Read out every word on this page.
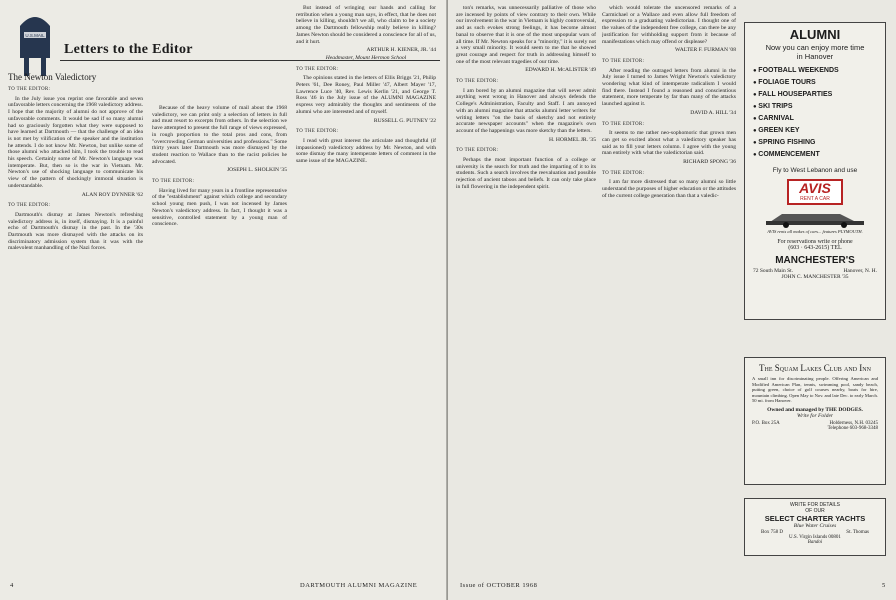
U.S.MAIL
Letters to the Editor
The Newton Valedictory
TO THE EDITOR:

In the July issue you reprint one favorable and seven unfavorable letters concerning the 1968 valedictory address. I hope that the majority of alumni do not approve of the unfavorable comments. It would be sad if so many alumni had so graciously forgotten what they were supposed to have learned at Dartmouth — that the challenge of an idea is not met by vilification of the speaker and the institution he attends. I do not know Mr. Newton, but unlike some of those alumni who attacked him, I took the trouble to read his speech. Certainly some of Mr. Newton's language was intemperate. But, then so is the war in Vietnam. Mr. Newton's use of shocking language to communicate his view of the pattern of shockingly immoral situation is understandable.

ALAN ROY DYNNER '62
TO THE EDITOR:

Dartmouth's dismay at James Newton's refreshing valedictory address is, in itself, dismaying. It is a painful echo of Dartmouth's dismay in the past. In the '30s Dartmouth was more dismayed with the attacks on its discriminatory admission system than it was with the malevolent manhandling of the Nazi forces.

Because of the heavy volume of mail about the 1968 valedictory, we can print only a selection of letters in full and must resort to excerpts from others. In the selection we have attempted to present the full range of views expressed, in rough proportion to the total pros and cons, from "overcrowding German universities and professions." Some thirty years later Dartmouth was more dismayed by the student reaction to Wallace than to the racist policies he advocated.

JOSEPH L. SHOLKIN '35
TO THE EDITOR:

Having lived for many years in a frontline representative of the "establishment" against which college and secondary school young men push, I was not incensed by James Newton's valedictory address. In fact, I thought it was a sensitive, controlled statement by a young man of conscience.

But instead of wringing our hands and calling for retribution when a young man says, in effect, that he does not believe in killing, shouldn't we all, who claim to be a society among the Dartmouth fellowship really believe in killing? James Newton should be considered a conscience for all of us, and it hurt.

ARTHUR H. KIENER, JR. '44
Headmaster, Mount Hermon School
TO THE EDITOR:

The opinions stated in the letters of Ellis Briggs '21, Philip Peters '61, Dee Roney, Paul Miller '47, Albert Mayer '17, Lawrence Luce '40, Rev. Lewis Kerlin '21, and George T. Ross '46 in the July issue of the ALUMNI MAGAZINE express very admirably the thoughts and sentiments of the alumni who are interested and of myself.

RUSSELL G. PUTNEY '22
TO THE EDITOR:

I read with great interest the articulate and thoughtful (if impassioned) valedictory address by Mr. Newton, and with some dismay the many intemperate letters of comment in the same issue of the MAGAZINE.

4	DARTMOUTH ALUMNI MAGAZINE

ton's remarks, was unnecessarily palliative of those who are incensed by points of view contrary to their own. While our involvement in the war in Vietnam is highly controversial, and as such evokes strong feelings, it has become almost banal to observe that it is one of the most unpopular wars of all time. If Mr. Newton speaks for a "minority," it is surely not a very small minority. It would seem to me that he showed great courage and respect for truth in addressing himself to one of the most relevant tragedies of our time.

EDWARD H. McALISTER '49
TO THE EDITOR:

I am bored by an alumni magazine that will never admit anything went wrong in Hanover and always defends the College's Administration, Faculty and Staff. I am annoyed with an alumni magazine that attacks alumni letter writers for writing letters "on the basis of sketchy and not entirely accurate newspaper accounts" when the magazine's own account of the happenings was more sketchy than the letters.

H. HORMEL JR. '35
TO THE EDITOR:

Perhaps the most important function of a college or university is the search for truth and the imparting of it to its students. Such a search involves the reevaluation and possible rejection of ancient taboos and beliefs. It can only take place in full flowering in the independent spirit.

which would tolerate the uncensored remarks of a Carmichael or a Wallace and even allow full freedom of expression to a graduating valedictorian. I thought one of the values of the independent free college, can there be any justification for withholding support from it because of manifestations which may offend or displease?

WALTER F. FURMAN '08
TO THE EDITOR:

After reading the outraged letters from alumni in the July issue I turned to James Wright Newton's valedictory wondering what kind of intemperate radicalism I would find there. Instead I found a reasoned and conscientious statement, more temperate by far than many of the attacks launched against it.

DAVID A. HILL '34
TO THE EDITOR:

It seems to me rather neo-sophomoric that grown men can get so excited about what a valedictory speaker has said as to fill your letters column. I agree with the young man entirely with what the valedictorian said.

RICHARD SPONG '36
TO THE EDITOR:

I am far more distressed that so many alumni so little understand the purposes of higher education or the attitudes of the current college generation than that a valedic-

ALUMNI
Now you can enjoy more time in Hanover
● FOOTBALL WEEKENDS
● FOLIAGE TOURS
● FALL HOUSEPARTIES
● SKI TRIPS
● CARNIVAL
● GREEN KEY
● SPRING FISHING
● COMMENCEMENT
Fly to West Lebanon and use
AVIS
RENT A CAR
AVIS rents all makes of cars... features PLYMOUTH.
For reservations write or phone
(603 · 643-2615) TEL
MANCHESTER'S
72 South Main St.	Hanover, N. H.
JOHN C. MANCHESTER '35
The Squam Lakes Club and Inn
A small inn for discriminating people. Offering American and Modified American Plan, tennis, swimming pool, sandy beach, putting green, choice of golf courses nearby, boats for hire, mountain climbing. Open May to Nov. and late Dec. to early March. 50 mi. from Hanover.
Owned and managed by THE DODGES.
Write for Folder
P.O. Box 25A	Holderness, N.H. 03245
Telephone 603-968-3348
WRITE FOR DETAILS
OF OUR
SELECT CHARTER YACHTS
Blue Water Cruises
Box 758 D	St. Thomas
U.S. Virgin Islands 00801
Bandoi
Issue of OCTOBER 1968	5
